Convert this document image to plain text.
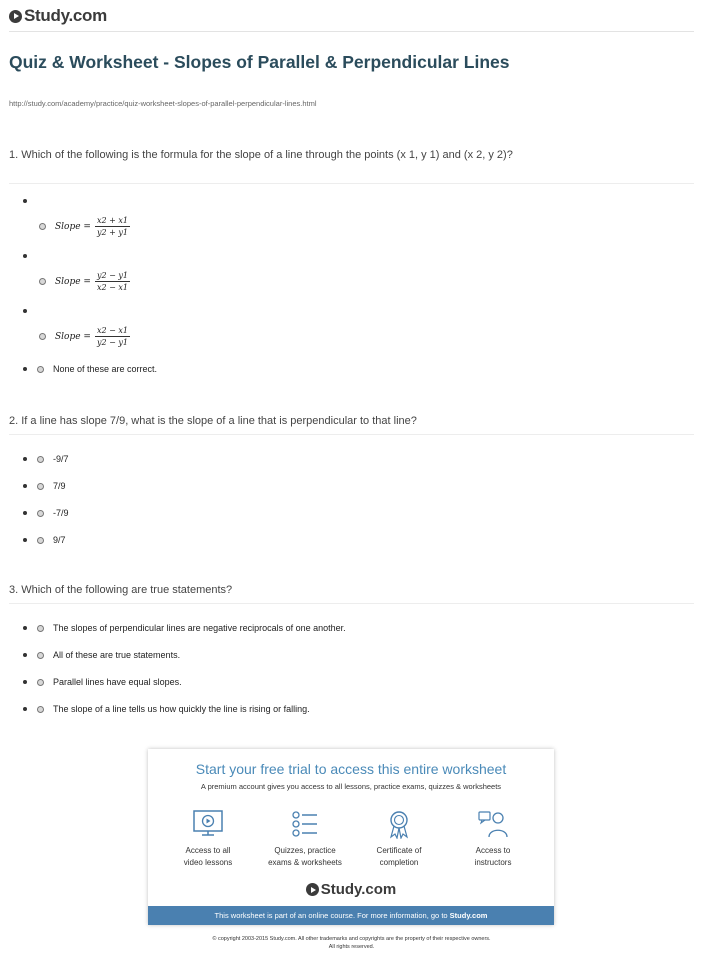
Study.com
Quiz & Worksheet - Slopes of Parallel & Perpendicular Lines
http://study.com/academy/practice/quiz-worksheet-slopes-of-parallel-perpendicular-lines.html
1. Which of the following is the formula for the slope of a line through the points (x 1, y 1) and (x 2, y 2)?
Slope = $\frac{x2 + x1}{y2 + y1}$
Slope = $\frac{y2 - y1}{x2 - x1}$
Slope = $\frac{x2 - x1}{y2 - y1}$
None of these are correct.
2. If a line has slope 7/9, what is the slope of a line that is perpendicular to that line?
-9/7
7/9
-7/9
9/7
3. Which of the following are true statements?
The slopes of perpendicular lines are negative reciprocals of one another.
All of these are true statements.
Parallel lines have equal slopes.
The slope of a line tells us how quickly the line is rising or falling.
Start your free trial to access this entire worksheet
A premium account gives you access to all lessons, practice exams, quizzes & worksheets
Access to all
video lessons
Quizzes, practice
exams & worksheets
Certificate of
completion
Access to
instructors
Study.com
This worksheet is part of an online course. For more information, go to Study.com
© copyright 2003-2015 Study.com. All other trademarks and copyrights are the property of their respective owners.
All rights reserved.
